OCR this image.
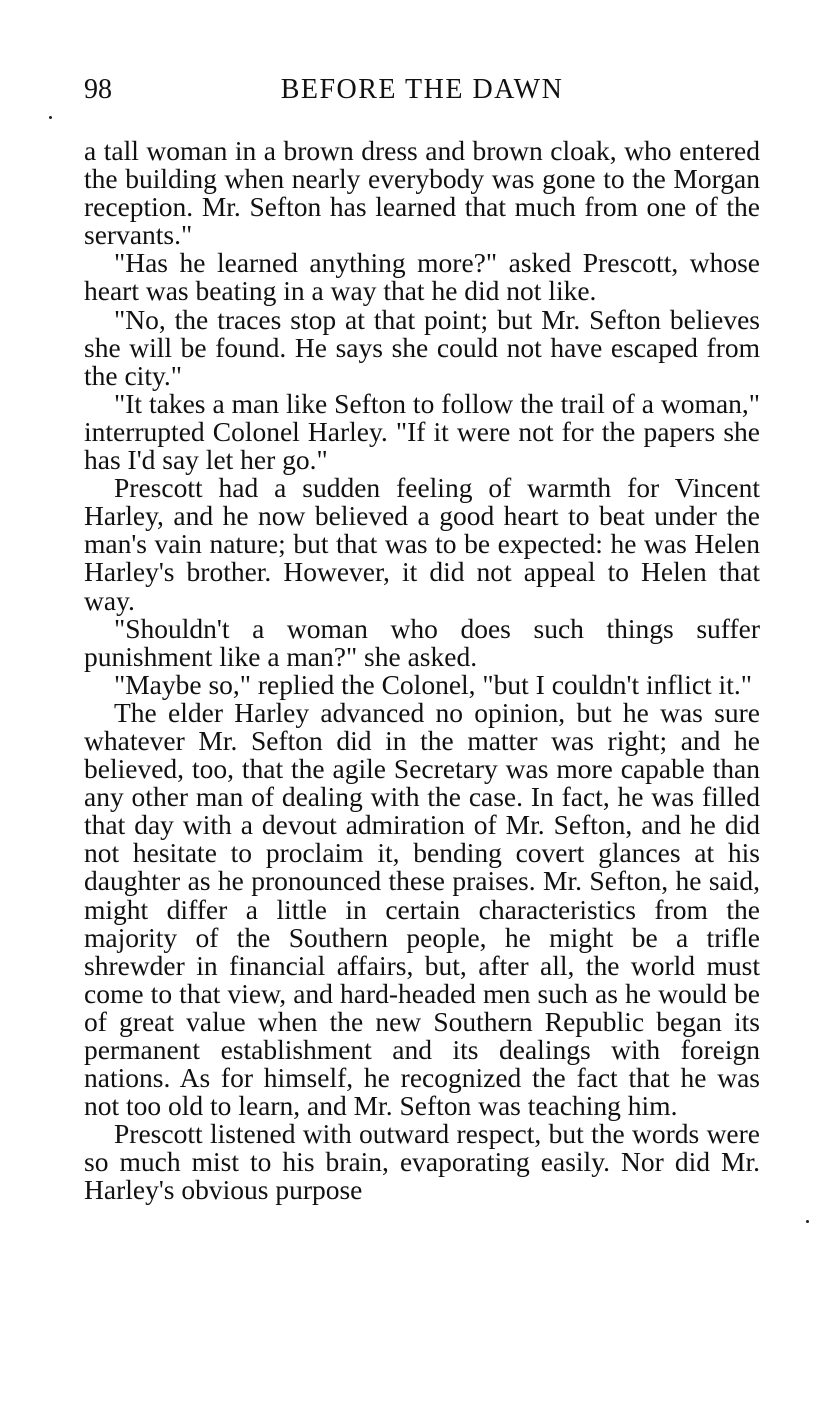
98	BEFORE THE DAWN

a tall woman in a brown dress and brown cloak, who entered the building when nearly everybody was gone to the Morgan reception. Mr. Sefton has learned that much from one of the servants."

"Has he learned anything more?" asked Prescott, whose heart was beating in a way that he did not like.

"No, the traces stop at that point; but Mr. Sefton believes she will be found. He says she could not have escaped from the city."

"It takes a man like Sefton to follow the trail of a woman," interrupted Colonel Harley. "If it were not for the papers she has I'd say let her go."

Prescott had a sudden feeling of warmth for Vincent Harley, and he now believed a good heart to beat under the man's vain nature; but that was to be expected: he was Helen Harley's brother. However, it did not appeal to Helen that way.

"Shouldn't a woman who does such things suffer punishment like a man?" she asked.

"Maybe so," replied the Colonel, "but I couldn't inflict it."

The elder Harley advanced no opinion, but he was sure whatever Mr. Sefton did in the matter was right; and he believed, too, that the agile Secretary was more capable than any other man of dealing with the case. In fact, he was filled that day with a devout admiration of Mr. Sefton, and he did not hesitate to proclaim it, bending covert glances at his daughter as he pronounced these praises. Mr. Sefton, he said, might differ a little in certain characteristics from the majority of the Southern people, he might be a trifle shrewder in financial affairs, but, after all, the world must come to that view, and hard-headed men such as he would be of great value when the new Southern Republic began its permanent establishment and its dealings with foreign nations. As for himself, he recognized the fact that he was not too old to learn, and Mr. Sefton was teaching him.

Prescott listened with outward respect, but the words were so much mist to his brain, evaporating easily. Nor did Mr. Harley's obvious purpose
